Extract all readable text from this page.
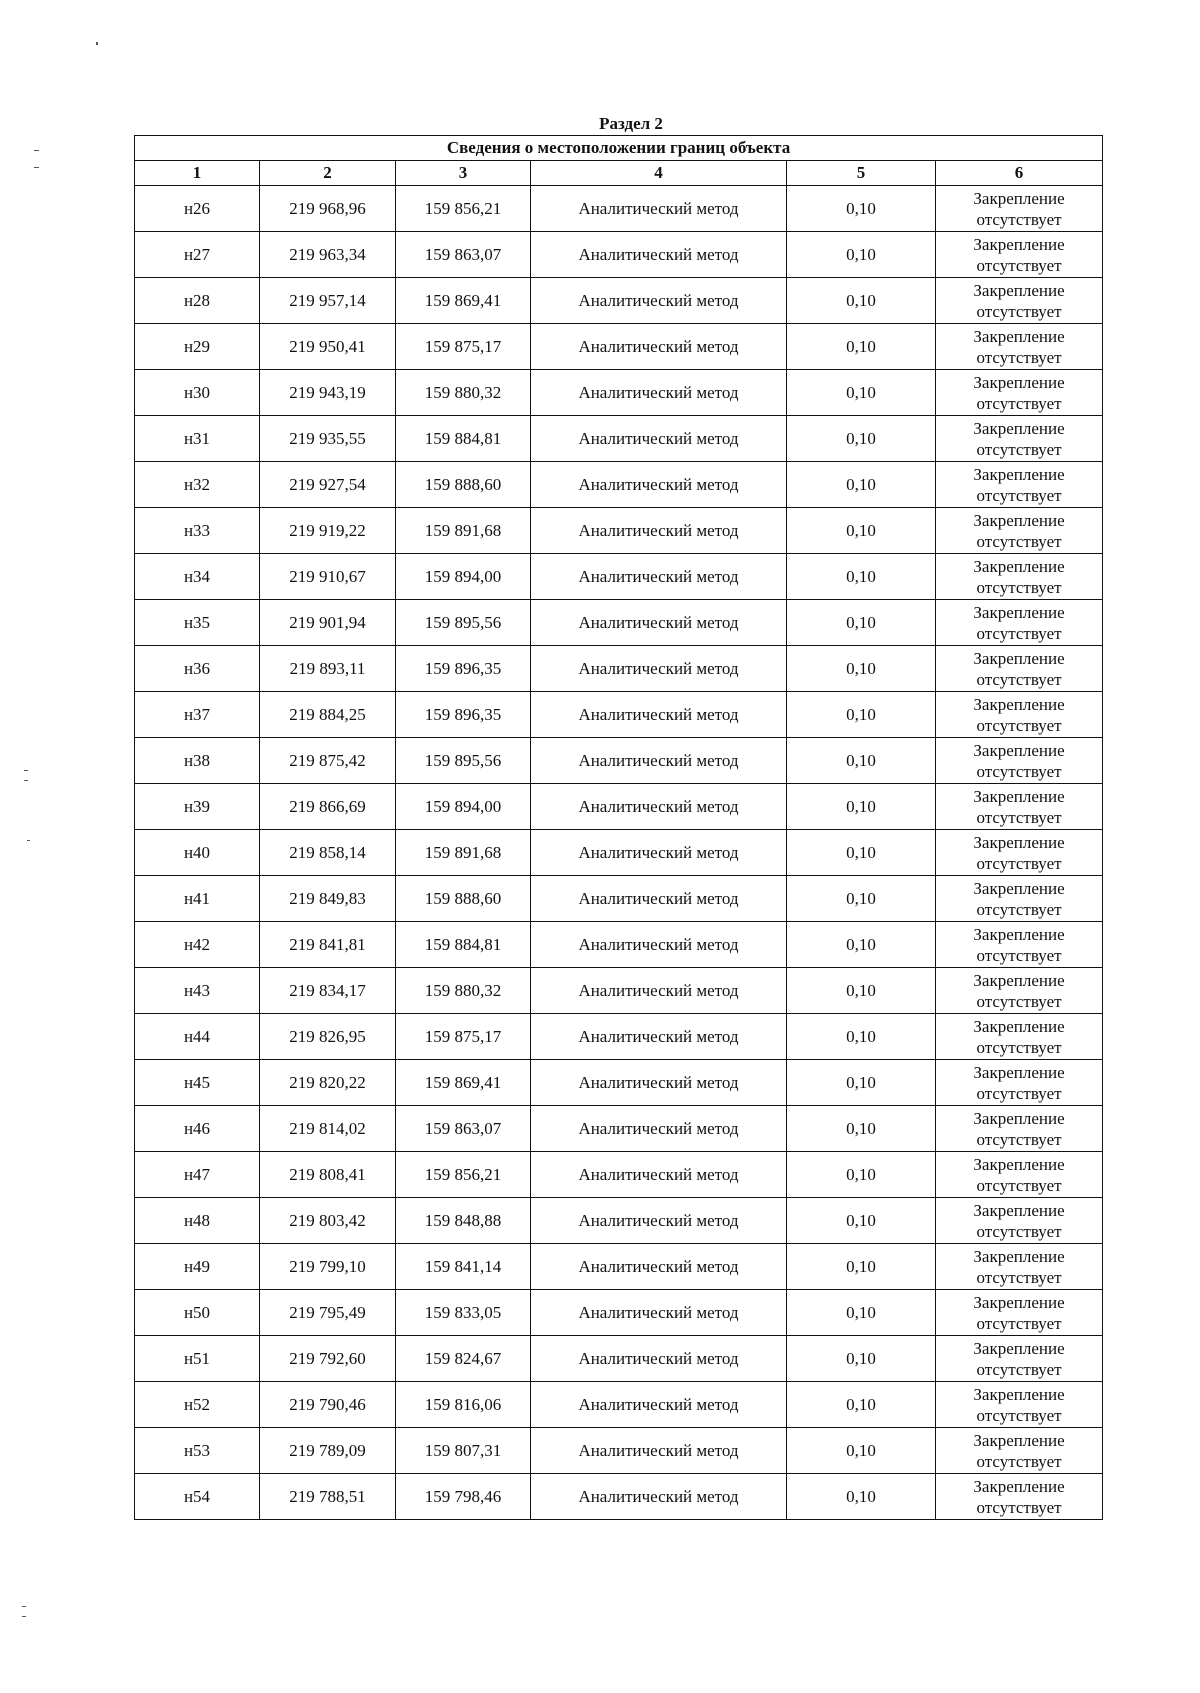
Раздел 2
Сведения о местоположении границ объекта					
1	2	3	4	5	6
н26	219 968,96	159 856,21	Аналитический метод	0,10	Закрепление
отсутствует

н27	219 963,34	159 863,07	Аналитический метод	0,10	Закрепление
отсутствует

н28	219 957,14	159 869,41	Аналитический метод	0,10	Закрепление
отсутствует

н29	219 950,41	159 875,17	Аналитический метод	0,10	Закрепление
отсутствует

н30	219 943,19	159 880,32	Аналитический метод	0,10	Закрепление
отсутствует

н31	219 935,55	159 884,81	Аналитический метод	0,10	Закрепление
отсутствует

н32	219 927,54	159 888,60	Аналитический метод	0,10	Закрепление
отсутствует

н33	219 919,22	159 891,68	Аналитический метод	0,10	Закрепление
отсутствует

н34	219 910,67	159 894,00	Аналитический метод	0,10	Закрепление
отсутствует

н35	219 901,94	159 895,56	Аналитический метод	0,10	Закрепление
отсутствует

н36	219 893,11	159 896,35	Аналитический метод	0,10	Закрепление
отсутствует

н37	219 884,25	159 896,35	Аналитический метод	0,10	Закрепление
отсутствует

н38	219 875,42	159 895,56	Аналитический метод	0,10	Закрепление
отсутствует

н39	219 866,69	159 894,00	Аналитический метод	0,10	Закрепление
отсутствует

н40	219 858,14	159 891,68	Аналитический метод	0,10	Закрепление
отсутствует

н41	219 849,83	159 888,60	Аналитический метод	0,10	Закрепление
отсутствует

н42	219 841,81	159 884,81	Аналитический метод	0,10	Закрепление
отсутствует

н43	219 834,17	159 880,32	Аналитический метод	0,10	Закрепление
отсутствует

н44	219 826,95	159 875,17	Аналитический метод	0,10	Закрепление
отсутствует

н45	219 820,22	159 869,41	Аналитический метод	0,10	Закрепление
отсутствует

н46	219 814,02	159 863,07	Аналитический метод	0,10	Закрепление
отсутствует

н47	219 808,41	159 856,21	Аналитический метод	0,10	Закрепление
отсутствует

н48	219 803,42	159 848,88	Аналитический метод	0,10	Закрепление
отсутствует

н49	219 799,10	159 841,14	Аналитический метод	0,10	Закрепление
отсутствует

н50	219 795,49	159 833,05	Аналитический метод	0,10	Закрепление
отсутствует

н51	219 792,60	159 824,67	Аналитический метод	0,10	Закрепление
отсутствует

н52	219 790,46	159 816,06	Аналитический метод	0,10	Закрепление
отсутствует

н53	219 789,09	159 807,31	Аналитический метод	0,10	Закрепление
отсутствует

н54	219 788,51	159 798,46	Аналитический метод	0,10	Закрепление
отсутствует
